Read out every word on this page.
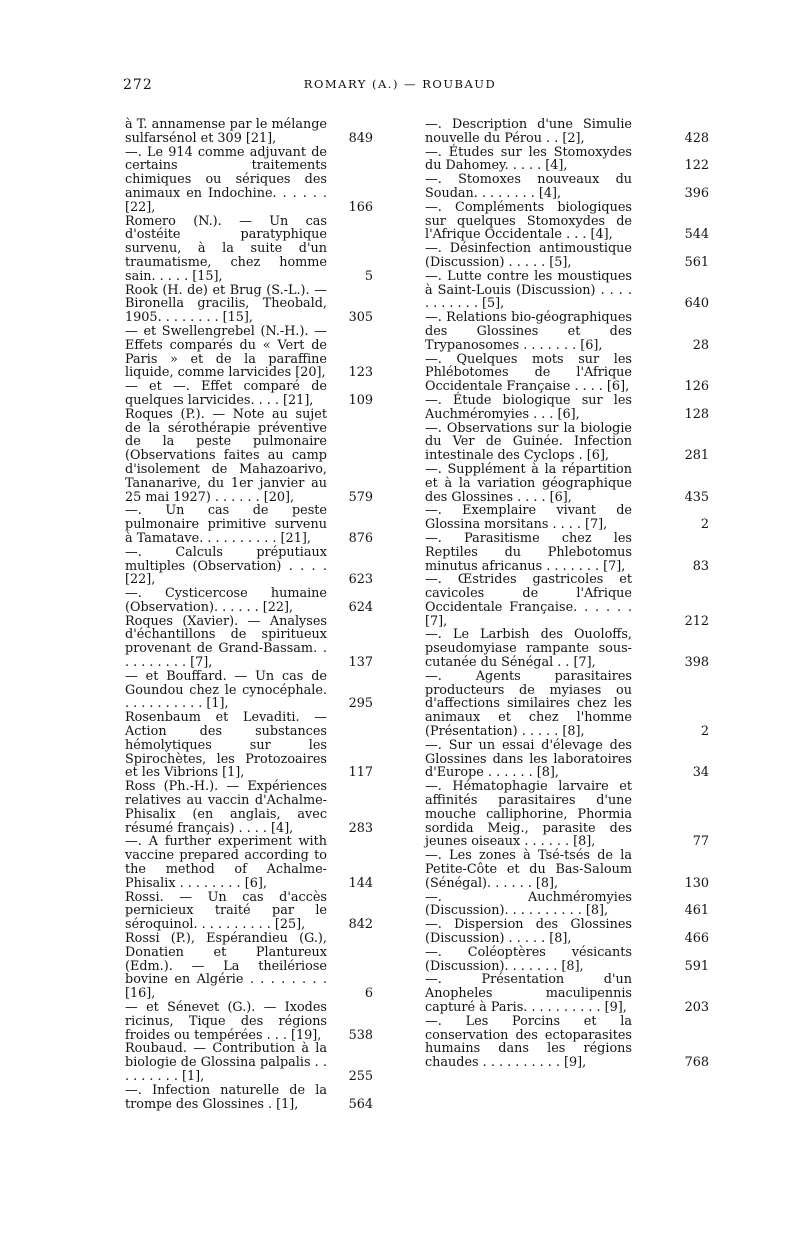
272	ROMARY (A.) — ROUBAUD

à T. annamense par le mélange sulfarsénol et 309 [21],	849

—. Le 914 comme adjuvant de certains traitements chimiques ou sériques des animaux en Indochine. . . . . . [22],	166

Romero (N.). — Un cas d'ostéite paratyphique survenu, à la suite d'un traumatisme, chez homme sain. . . . . [15],	5

Rook (H. de) et Brug (S.-L.). — Bironella gracilis, Theobald, 1905. . . . . . . . [15],	305

— et Swellengrebel (N.-H.). — Effets comparés du « Vert de Paris » et de la paraffine liquide, comme larvicides [20],	123

— et —. Effet comparé de quelques larvicides. . . . [21],	109

Roques (P.). — Note au sujet de la sérothérapie préventive de la peste pulmonaire (Observations faites au camp d'isolement de Mahazoarivo, Tananarive, du 1er janvier au 25 mai 1927) . . . . . . [20],	579

—. Un cas de peste pulmonaire primitive survenu à Tamatave. . . . . . . . . . [21],	876

—. Calculs préputiaux multiples (Observation) . . . . [22],	623

—. Cysticercose humaine (Observation). . . . . . [22],	624

Roques (Xavier). — Analyses d'échantillons de spiritueux provenant de Grand-Bassam. . . . . . . . . . [7],	137

— et Bouffard. — Un cas de Goundou chez le cynocéphale. . . . . . . . . . . [1],	295

Rosenbaum et Levaditi. — Action des substances hémolytiques sur les Spirochètes, les Protozoaires et les Vibrions [1],	117

Ross (Ph.-H.). — Expériences relatives au vaccin d'Achalme-Phisalix (en anglais, avec résumé français) . . . . [4],	283

—. A further experiment with vaccine prepared according to the method of Achalme-Phisalix . . . . . . . . [6],	144

Rossi. — Un cas d'accès pernicieux traité par le séroquinol. . . . . . . . . . [25],	842

Rossi (P.), Espérandieu (G.), Donatien et Plantureux (Edm.). — La theilériose bovine en Algérie . . . . . . . . [16],	6

— et Sénevet (G.). — Ixodes ricinus, Tique des régions froides ou tempérées . . . [19],	538

Roubaud. — Contribution à la biologie de Glossina palpalis . . . . . . . . . [1],	255

—. Infection naturelle de la trompe des Glossines . [1],	564

—. Description d'une Simulie nouvelle du Pérou . . [2],	428

—. Études sur les Stomoxydes du Dahomey. . . . . [4],	122

—. Stomoxes nouveaux du Soudan. . . . . . . . [4],	396

—. Compléments biologiques sur quelques Stomoxydes de l'Afrique Occidentale . . . [4],	544

—. Désinfection antimoustique (Discussion) . . . . . [5],	561

—. Lutte contre les moustiques à Saint-Louis (Discussion) . . . . . . . . . . . [5],	640

—. Relations bio-géographiques des Glossines et des Trypanosomes . . . . . . . [6],	28

—. Quelques mots sur les Phlébotomes de l'Afrique Occidentale Française . . . . [6],	126

—. Étude biologique sur les Auchméromyies . . . [6],	128

—. Observations sur la biologie du Ver de Guinée. Infection intestinale des Cyclops . [6],	281

—. Supplément à la répartition et à la variation géographique des Glossines . . . . [6],	435

—. Exemplaire vivant de Glossina morsitans . . . . [7],	2

—. Parasitisme chez les Reptiles du Phlebotomus minutus africanus . . . . . . . [7],	83

—. Œstrides gastricoles et cavicoles de l'Afrique Occidentale Française. . . . . . [7],	212

—. Le Larbish des Ouoloffs, pseudomyiase rampante sous-cutanée du Sénégal . . [7],	398

—. Agents parasitaires producteurs de myiases ou d'affections similaires chez les animaux et chez l'homme (Présentation) . . . . . [8],	2

—. Sur un essai d'élevage des Glossines dans les laboratoires d'Europe . . . . . . [8],	34

—. Hématophagie larvaire et affinités parasitaires d'une mouche calliphorine, Phormia sordida Meig., parasite des jeunes oiseaux . . . . . . [8],	77

—. Les zones à Tsé-tsés de la Petite-Côte et du Bas-Saloum (Sénégal). . . . . . [8],	130

—. Auchméromyies (Discussion). . . . . . . . . . [8],	461

—. Dispersion des Glossines (Discussion) . . . . . [8],	466

—. Coléoptères vésicants (Discussion). . . . . . . [8],	591

—. Présentation d'un Anopheles maculipennis capturé à Paris. . . . . . . . . . [9],	203

—. Les Porcins et la conservation des ectoparasites humains dans les régions chaudes . . . . . . . . . . [9],	768
